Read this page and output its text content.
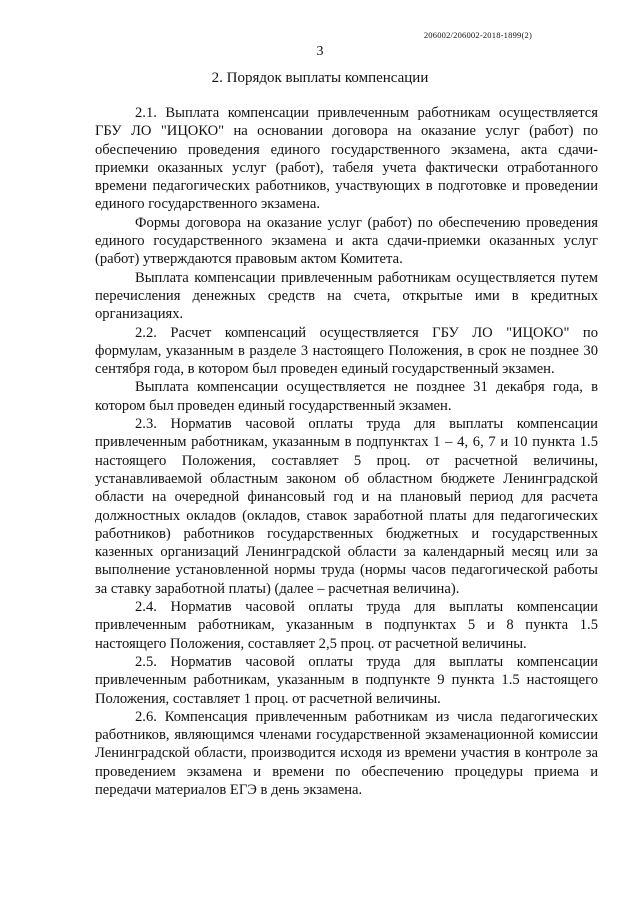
206002/206002-2018-1899(2)
3
2. Порядок выплаты компенсации

2.1. Выплата компенсации привлеченным работникам осуществляется ГБУ ЛО "ИЦОКО" на основании договора на оказание услуг (работ) по обеспечению проведения единого государственного экзамена, акта сдачи-приемки оказанных услуг (работ), табеля учета фактически отработанного времени педагогических работников, участвующих в подготовке и проведении единого государственного экзамена.

Формы договора на оказание услуг (работ) по обеспечению проведения единого государственного экзамена и акта сдачи-приемки оказанных услуг (работ) утверждаются правовым актом Комитета.

Выплата компенсации привлеченным работникам осуществляется путем перечисления денежных средств на счета, открытые ими в кредитных организациях.

2.2. Расчет компенсаций осуществляется ГБУ ЛО "ИЦОКО" по формулам, указанным в разделе 3 настоящего Положения, в срок не позднее 30 сентября года, в котором был проведен единый государственный экзамен.

Выплата компенсации осуществляется не позднее 31 декабря года, в котором был проведен единый государственный экзамен.

2.3. Норматив часовой оплаты труда для выплаты компенсации привлеченным работникам, указанным в подпунктах 1 – 4, 6, 7 и 10 пункта 1.5 настоящего Положения, составляет 5 проц. от расчетной величины, устанавливаемой областным законом об областном бюджете Ленинградской области на очередной финансовый год и на плановый период для расчета должностных окладов (окладов, ставок заработной платы для педагогических работников) работников государственных бюджетных и государственных казенных организаций Ленинградской области за календарный месяц или за выполнение установленной нормы труда (нормы часов педагогической работы за ставку заработной платы) (далее – расчетная величина).

2.4. Норматив часовой оплаты труда для выплаты компенсации привлеченным работникам, указанным в подпунктах 5 и 8 пункта 1.5 настоящего Положения, составляет 2,5 проц. от расчетной величины.

2.5. Норматив часовой оплаты труда для выплаты компенсации привлеченным работникам, указанным в подпункте 9 пункта 1.5 настоящего Положения, составляет 1 проц. от расчетной величины.

2.6. Компенсация привлеченным работникам из числа педагогических работников, являющимся членами государственной экзаменационной комиссии Ленинградской области, производится исходя из времени участия в контроле за проведением экзамена и времени по обеспечению процедуры приема и передачи материалов ЕГЭ в день экзамена.
